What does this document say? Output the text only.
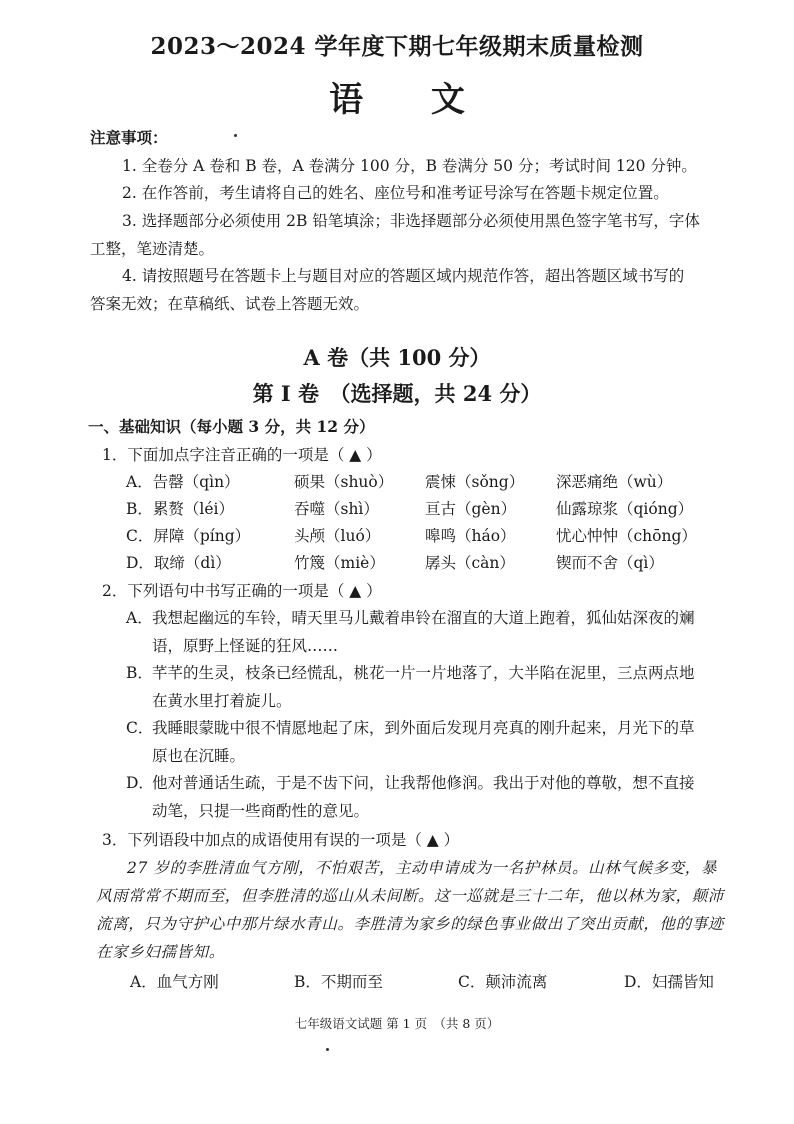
2023～2024 学年度下期七年级期末质量检测
语 文
注意事项：
1. 全卷分 A 卷和 B 卷，A 卷满分 100 分，B 卷满分 50 分；考试时间 120 分钟。
2. 在作答前，考生请将自己的姓名、座位号和准考证号涂写在答题卡规定位置。
3. 选择题部分必须使用 2B 铅笔填涂；非选择题部分必须使用黑色签字笔书写，字体
工整，笔迹清楚。
4. 请按照题号在答题卡上与题目对应的答题区域内规范作答，超出答题区域书写的
答案无效；在草稿纸、试卷上答题无效。
A 卷（共 100 分）
第 I 卷　（选择题，共 24 分）
一、基础知识（每小题 3 分，共 12 分）
1．下面加点字注音正确的一项是（ ▲ ）
A．告罄（qìn）	硕果（shuò） 震悚（sǒng） 深恶痛绝（wù）
B．累赘（léi）	吞噬（shì）	亘古（gèn）	仙露琼浆（qióng）
C．屏障（píng）	头颅（luó）	嗥鸣（háo）	忧心忡忡（chōng）
D．取缔（dì）	竹篾（miè）	孱头（càn）	锲而不舍（qì）
2．下列语句中书写正确的一项是（ ▲ ）
A． 我想起幽远的车铃，晴天里马儿戴着串铃在溜直的大道上跑着，狐仙姑深夜的斓
语，原野上怪诞的狂风……
B． 芊芊的生灵，枝条已经慌乱，桃花一片一片地落了，大半陷在泥里，三点两点地
在黄水里打着旋儿。
C．
我睡眼蒙眬中很不情愿地起了床，到外面后发现月亮真的刚升起来，月光下的草
原也在沉睡。
D．
他对普通话生疏，于是不齿下问，让我帮他修润。我出于对他的尊敬，想不直接
动笔，只提一些商酌性的意见。
3．下列语段中加点的成语使用有误的一项是（ ▲ ）
27 岁的李胜清血气方刚，不怕艰苦，主动申请成为一名护林员。山林气候多变，暴
风雨常常不期而至，但李胜清的巡山从未间断。这一巡就是三十二年，他以林为家，颠沛
流离，只为守护心中那片绿水青山。李胜清为家乡的绿色事业做出了突出贡献，他的事迹
在家乡妇孺皆知。
A．血气方刚	B．不期而至	C．颠沛流离	D．妇孺皆知
七年级语文试题 第 1 页　（共 8 页）
